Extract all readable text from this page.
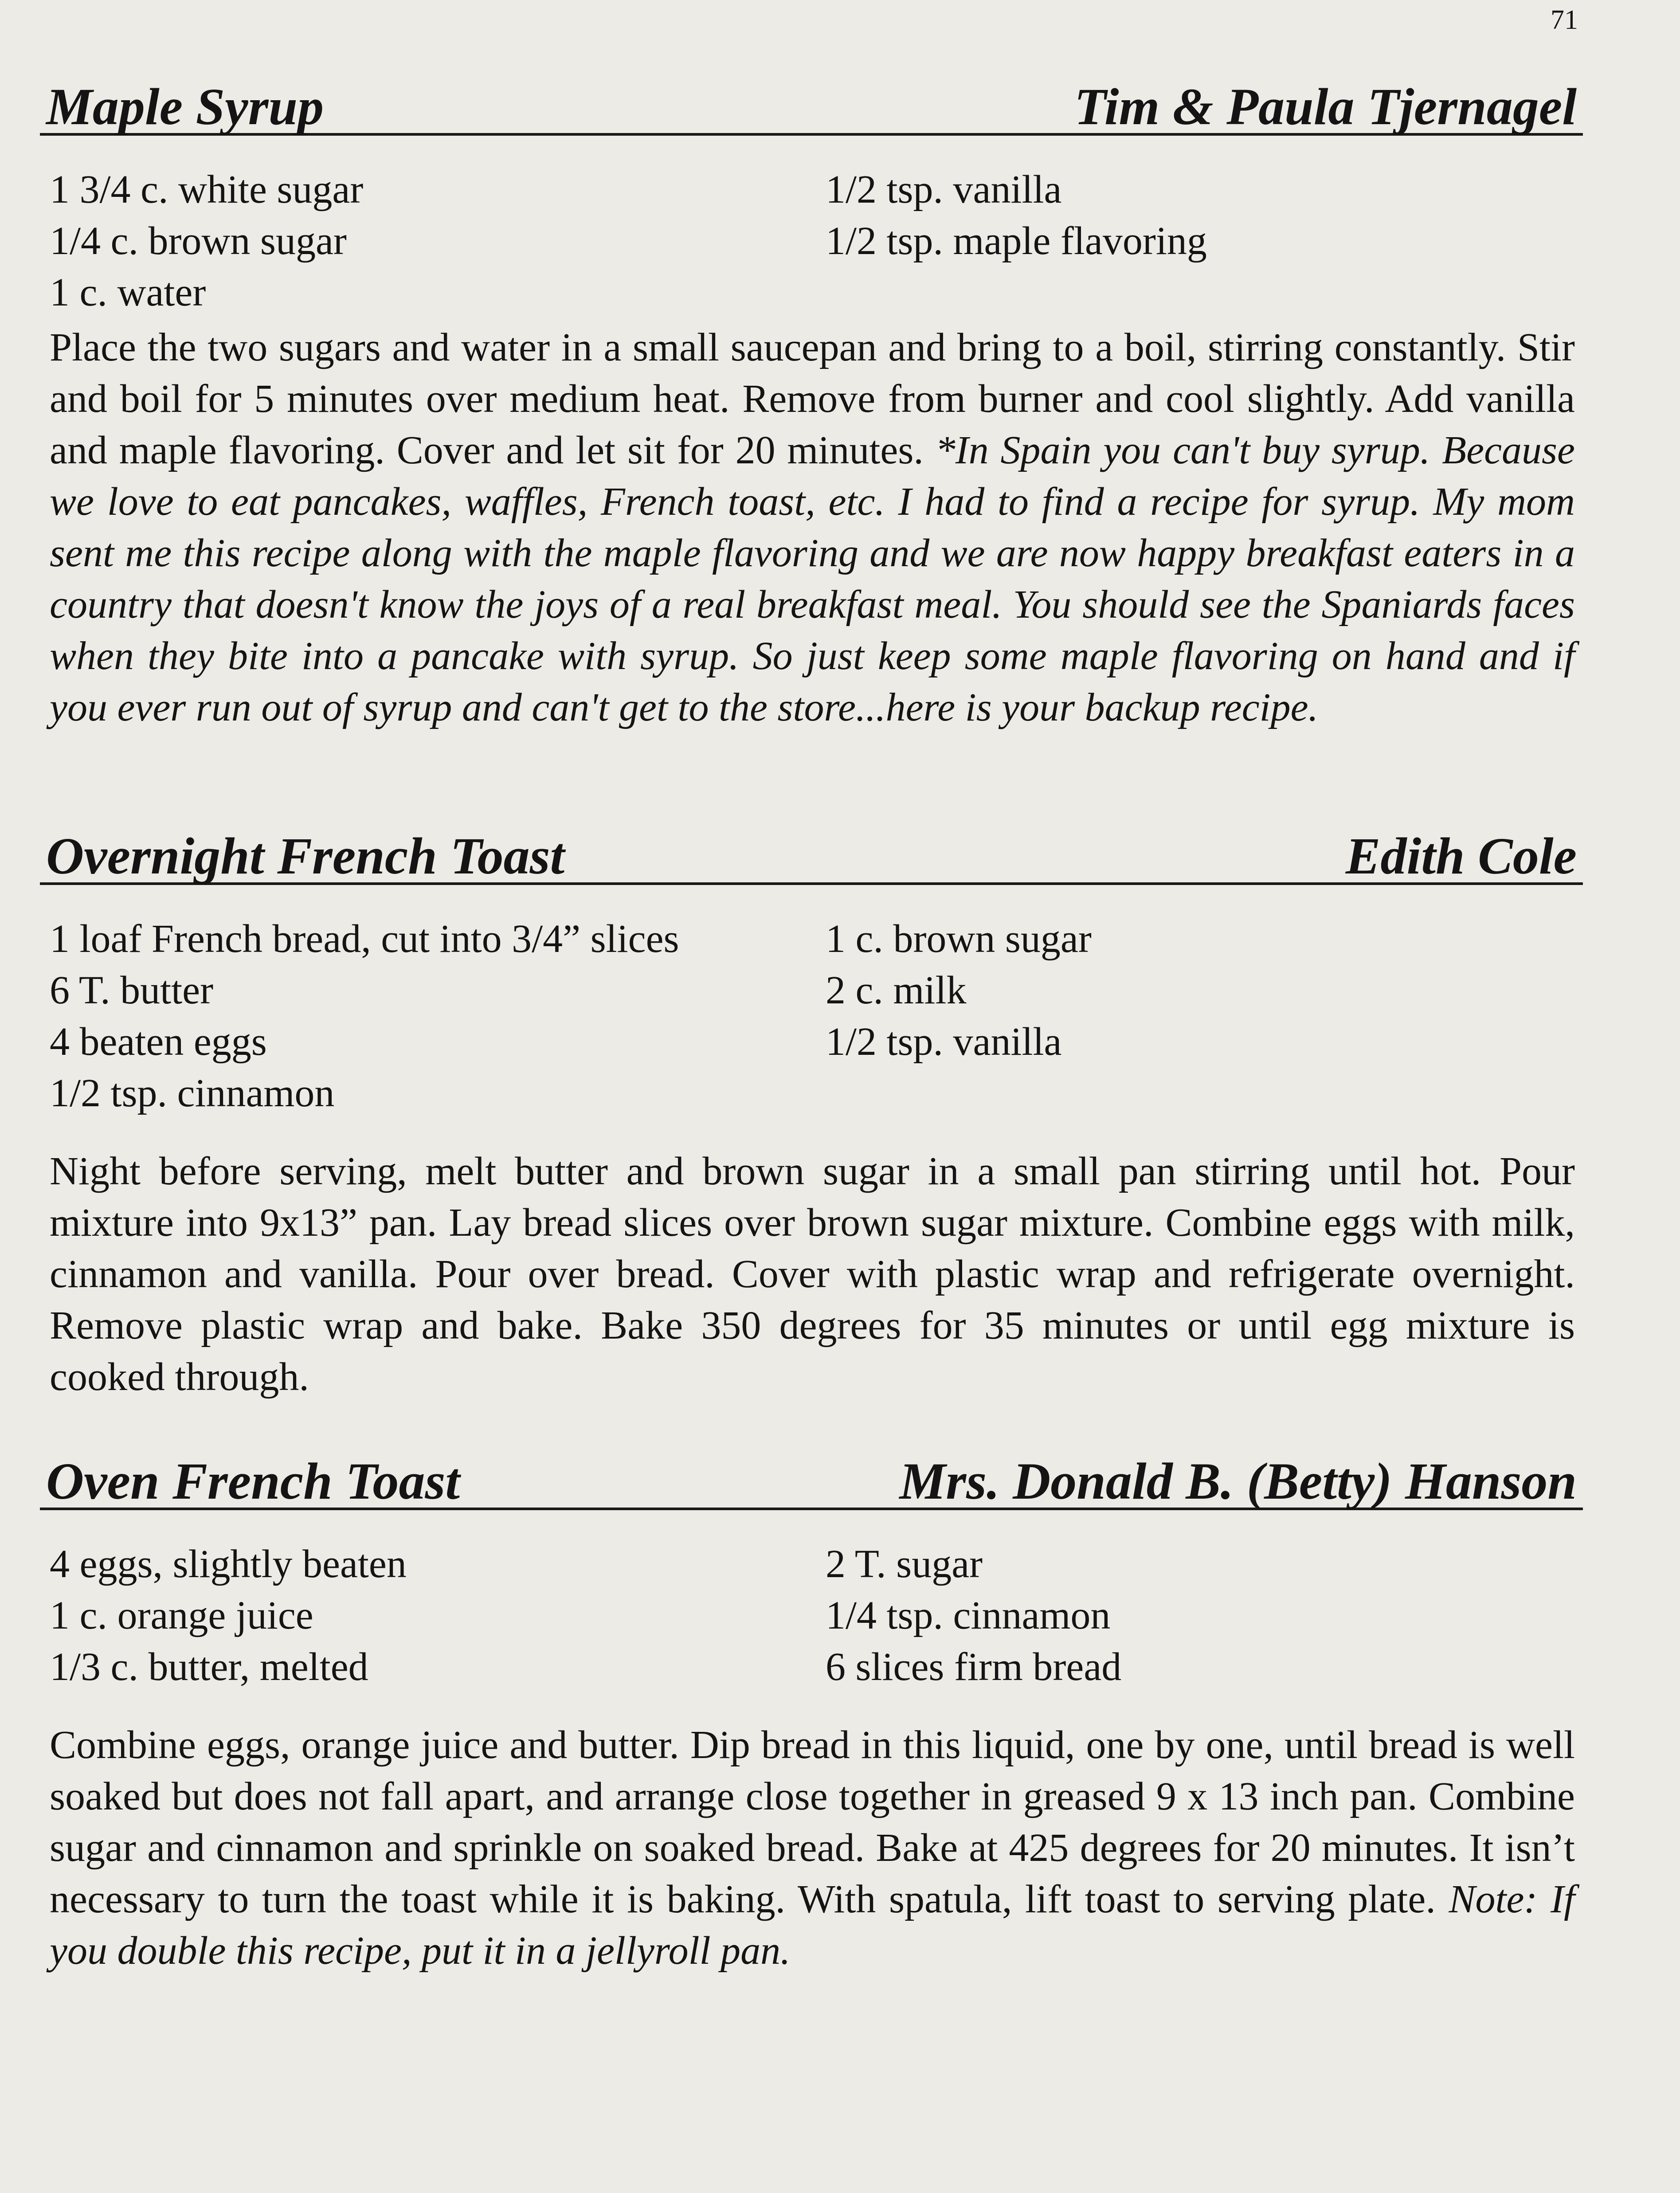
71
Maple Syrup	Tim & Paula Tjernagel
1 3/4 c. white sugar
1/4 c. brown sugar
1 c. water
1/2 tsp. vanilla
1/2 tsp. maple flavoring

Place the two sugars and water in a small saucepan and bring to a boil, stirring constantly. Stir and boil for 5 minutes over medium heat. Remove from burner and cool slightly. Add vanilla and maple flavoring. Cover and let sit for 20 minutes. *In Spain you can't buy syrup. Because we love to eat pancakes, waffles, French toast, etc. I had to find a recipe for syrup. My mom sent me this recipe along with the maple flavoring and we are now happy breakfast eaters in a country that doesn't know the joys of a real breakfast meal. You should see the Spaniards faces when they bite into a pancake with syrup. So just keep some maple flavoring on hand and if you ever run out of syrup and can't get to the store...here is your backup recipe.

Overnight French Toast	Edith Cole
1 loaf French bread, cut into 3/4” slices
6 T. butter
4 beaten eggs
1/2 tsp. cinnamon
1 c. brown sugar
2 c. milk
1/2 tsp. vanilla

Night before serving, melt butter and brown sugar in a small pan stirring until hot. Pour mixture into 9x13” pan. Lay bread slices over brown sugar mixture. Combine eggs with milk, cinnamon and vanilla. Pour over bread. Cover with plastic wrap and refrigerate overnight. Remove plastic wrap and bake. Bake 350 degrees for 35 minutes or until egg mixture is cooked through.

Oven French Toast	Mrs. Donald B. (Betty) Hanson
4 eggs, slightly beaten
1 c. orange juice
1/3 c. butter, melted
2 T. sugar
1/4 tsp. cinnamon
6 slices firm bread

Combine eggs, orange juice and butter. Dip bread in this liquid, one by one, until bread is well soaked but does not fall apart, and arrange close together in greased 9 x 13 inch pan. Combine sugar and cinnamon and sprinkle on soaked bread. Bake at 425 degrees for 20 minutes. It isn’t necessary to turn the toast while it is baking. With spatula, lift toast to serving plate. Note: If you double this recipe, put it in a jellyroll pan.
